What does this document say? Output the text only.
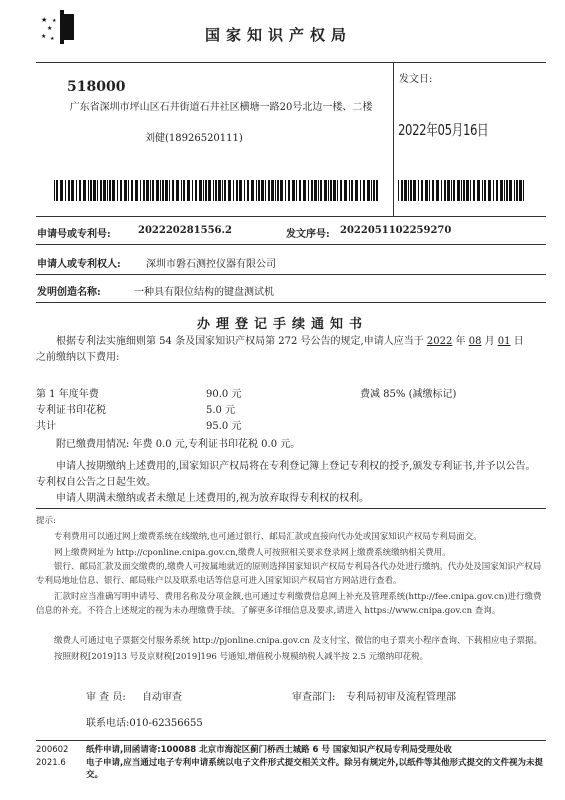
★
★
★ ★
★
国家知识产权局
518000
广东省深圳市坪山区石井街道石井社区横塘一路20号北边一楼、二楼
刘健(18926520111)
发文日:
2022年05月16日
申请号或专利号:	202220281556.2	发文序号: 2022051102259270
申请人或专利权人:	深圳市磐石测控仪器有限公司
发明创造名称:	一种具有限位结构的键盘测试机
办理登记手续通知书
根据专利法实施细则第 54 条及国家知识产权局第 272 号公告的规定,申请人应当于 2022 年 08 月 01 日
之前缴纳以下费用:
第 1 年度年费	90.0 元	费减 85% (减缴标记)
专利证书印花税	5.0 元
共计	95.0 元
附已缴费用情况: 年费 0.0 元,专利证书印花税 0.0 元。
申请人按期缴纳上述费用的,国家知识产权局将在专利登记簿上登记专利权的授予,颁发专利证书,并予以公告。专利权自公告之日起生效。
申请人期满未缴纳或者未缴足上述费用的,视为放弃取得专利权的权利。
提示:
专利费用可以通过网上缴费系统在线缴纳,也可通过银行、邮局汇款或直接向代办处或国家知识产权局专利局面交。
网上缴费网址为 http://cponline.cnipa.gov.cn,缴费人可按照相关要求登录网上缴费系统缴纳相关费用。
银行、邮局汇款及面交缴费的,缴费人可按属地就近的原则选择国家知识产权局专利局各代办处进行缴纳。代办处及国家知识产权局专利局地址信息、银行、邮局账户以及联系电话等信息可进入国家知识产权局官方网站进行查看。
汇款时应当准确写明申请号、费用名称及分项金额,也可通过专利缴费信息网上补充及管理系统(http://fee.cnipa.gov.cn)进行缴费信息的补充。不符合上述规定的视为未办理缴费手续。了解更多详细信息及要求,请进入 https://www.cnipa.gov.cn 查询。
缴费人可通过电子票据交付服务系统 http://pjonline.cnipa.gov.cn 及支付宝、微信的电子票夹小程序查询、下载相应电子票据。
按照财税[2019]13 号及京财税[2019]196 号通知,增值税小规模纳税人减半按 2.5 元缴纳印花税。
审 查 员: 自动审查	审查部门: 专利局初审及流程管理部
联系电话:010-62356655
200602
2021.6
纸件申请,回函请寄:100088 北京市海淀区蓟门桥西土城路 6 号 国家知识产权局专利局受理处收
电子申请,应当通过电子专利申请系统以电子文件形式提交相关文件。除另有规定外,以纸件等其他形式提交的文件视为未提交。
